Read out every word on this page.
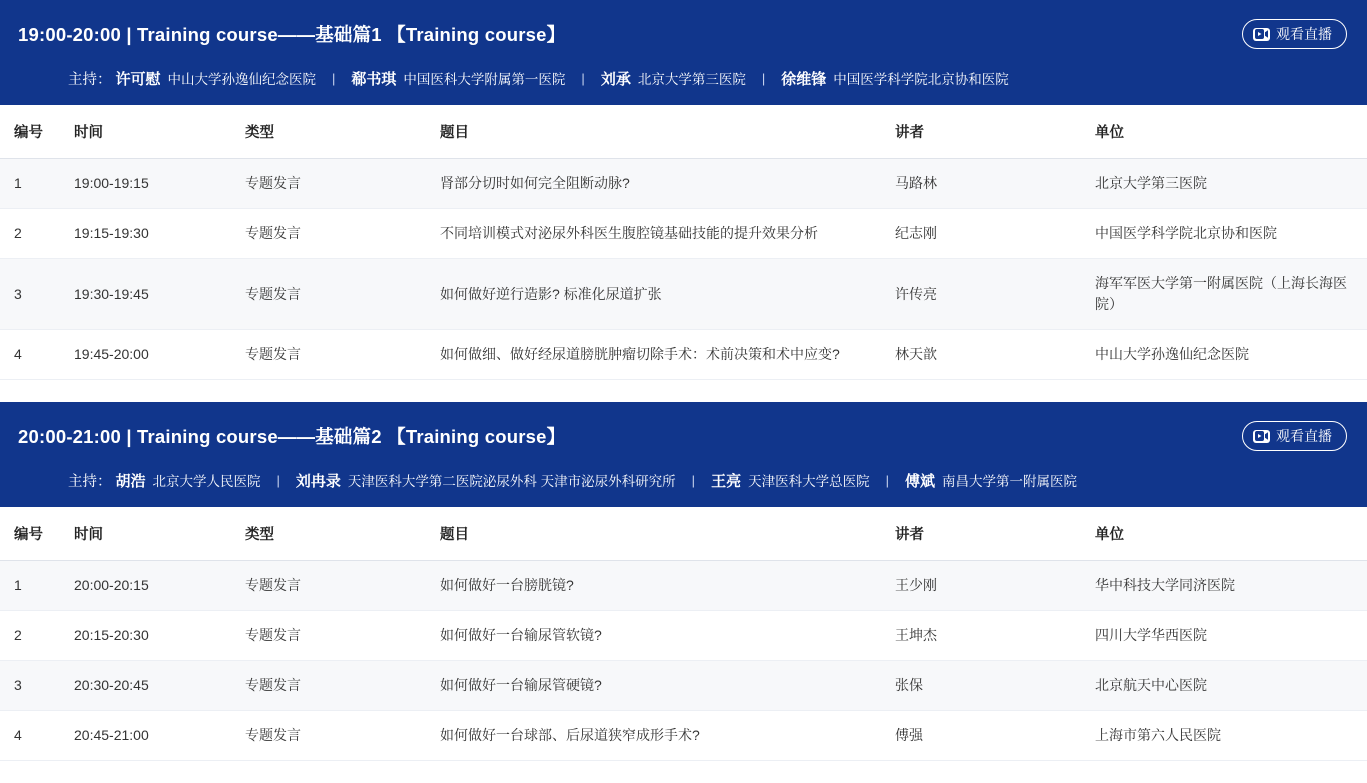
19:00-20:00 | Training course——基础篇1 【Training course】	观看直播
主持： 许可慰 中山大学孙逸仙纪念医院	|	郗书琪 中国医科大学附属第一医院	|	刘承 北京大学第三医院	|	徐维锋 中国医学科学院北京协和医院
编号	时间	类型	题目	讲者	单位
1	19:00-19:15	专题发言	肾部分切时如何完全阻断动脉?	马路林	北京大学第三医院
2	19:15-19:30	专题发言	不同培训模式对泌尿外科医生腹腔镜基础技能的提升效果分析	纪志刚	中国医学科学院北京协和医院
3	19:30-19:45	专题发言	如何做好逆行造影? 标准化尿道扩张	许传亮	海军军医大学第一附属医院（上海长海医院）
4	19:45-20:00	专题发言	如何做细、做好经尿道膀胱肿瘤切除手术：术前决策和术中应变?	林天歆	中山大学孙逸仙纪念医院
20:00-21:00 | Training course——基础篇2 【Training course】	观看直播
主持： 胡浩 北京大学人民医院	|	刘冉录 天津医科大学第二医院泌尿外科 天津市泌尿外科研究所	|	王亮 天津医科大学总医院	|	傅斌 南昌大学第一附属医院
编号	时间	类型	题目	讲者	单位
1	20:00-20:15	专题发言	如何做好一台膀胱镜?	王少刚	华中科技大学同济医院
2	20:15-20:30	专题发言	如何做好一台输尿管软镜?	王坤杰	四川大学华西医院
3	20:30-20:45	专题发言	如何做好一台输尿管硬镜?	张保	北京航天中心医院
4	20:45-21:00	专题发言	如何做好一台球部、后尿道狭窄成形手术?	傅强	上海市第六人民医院
